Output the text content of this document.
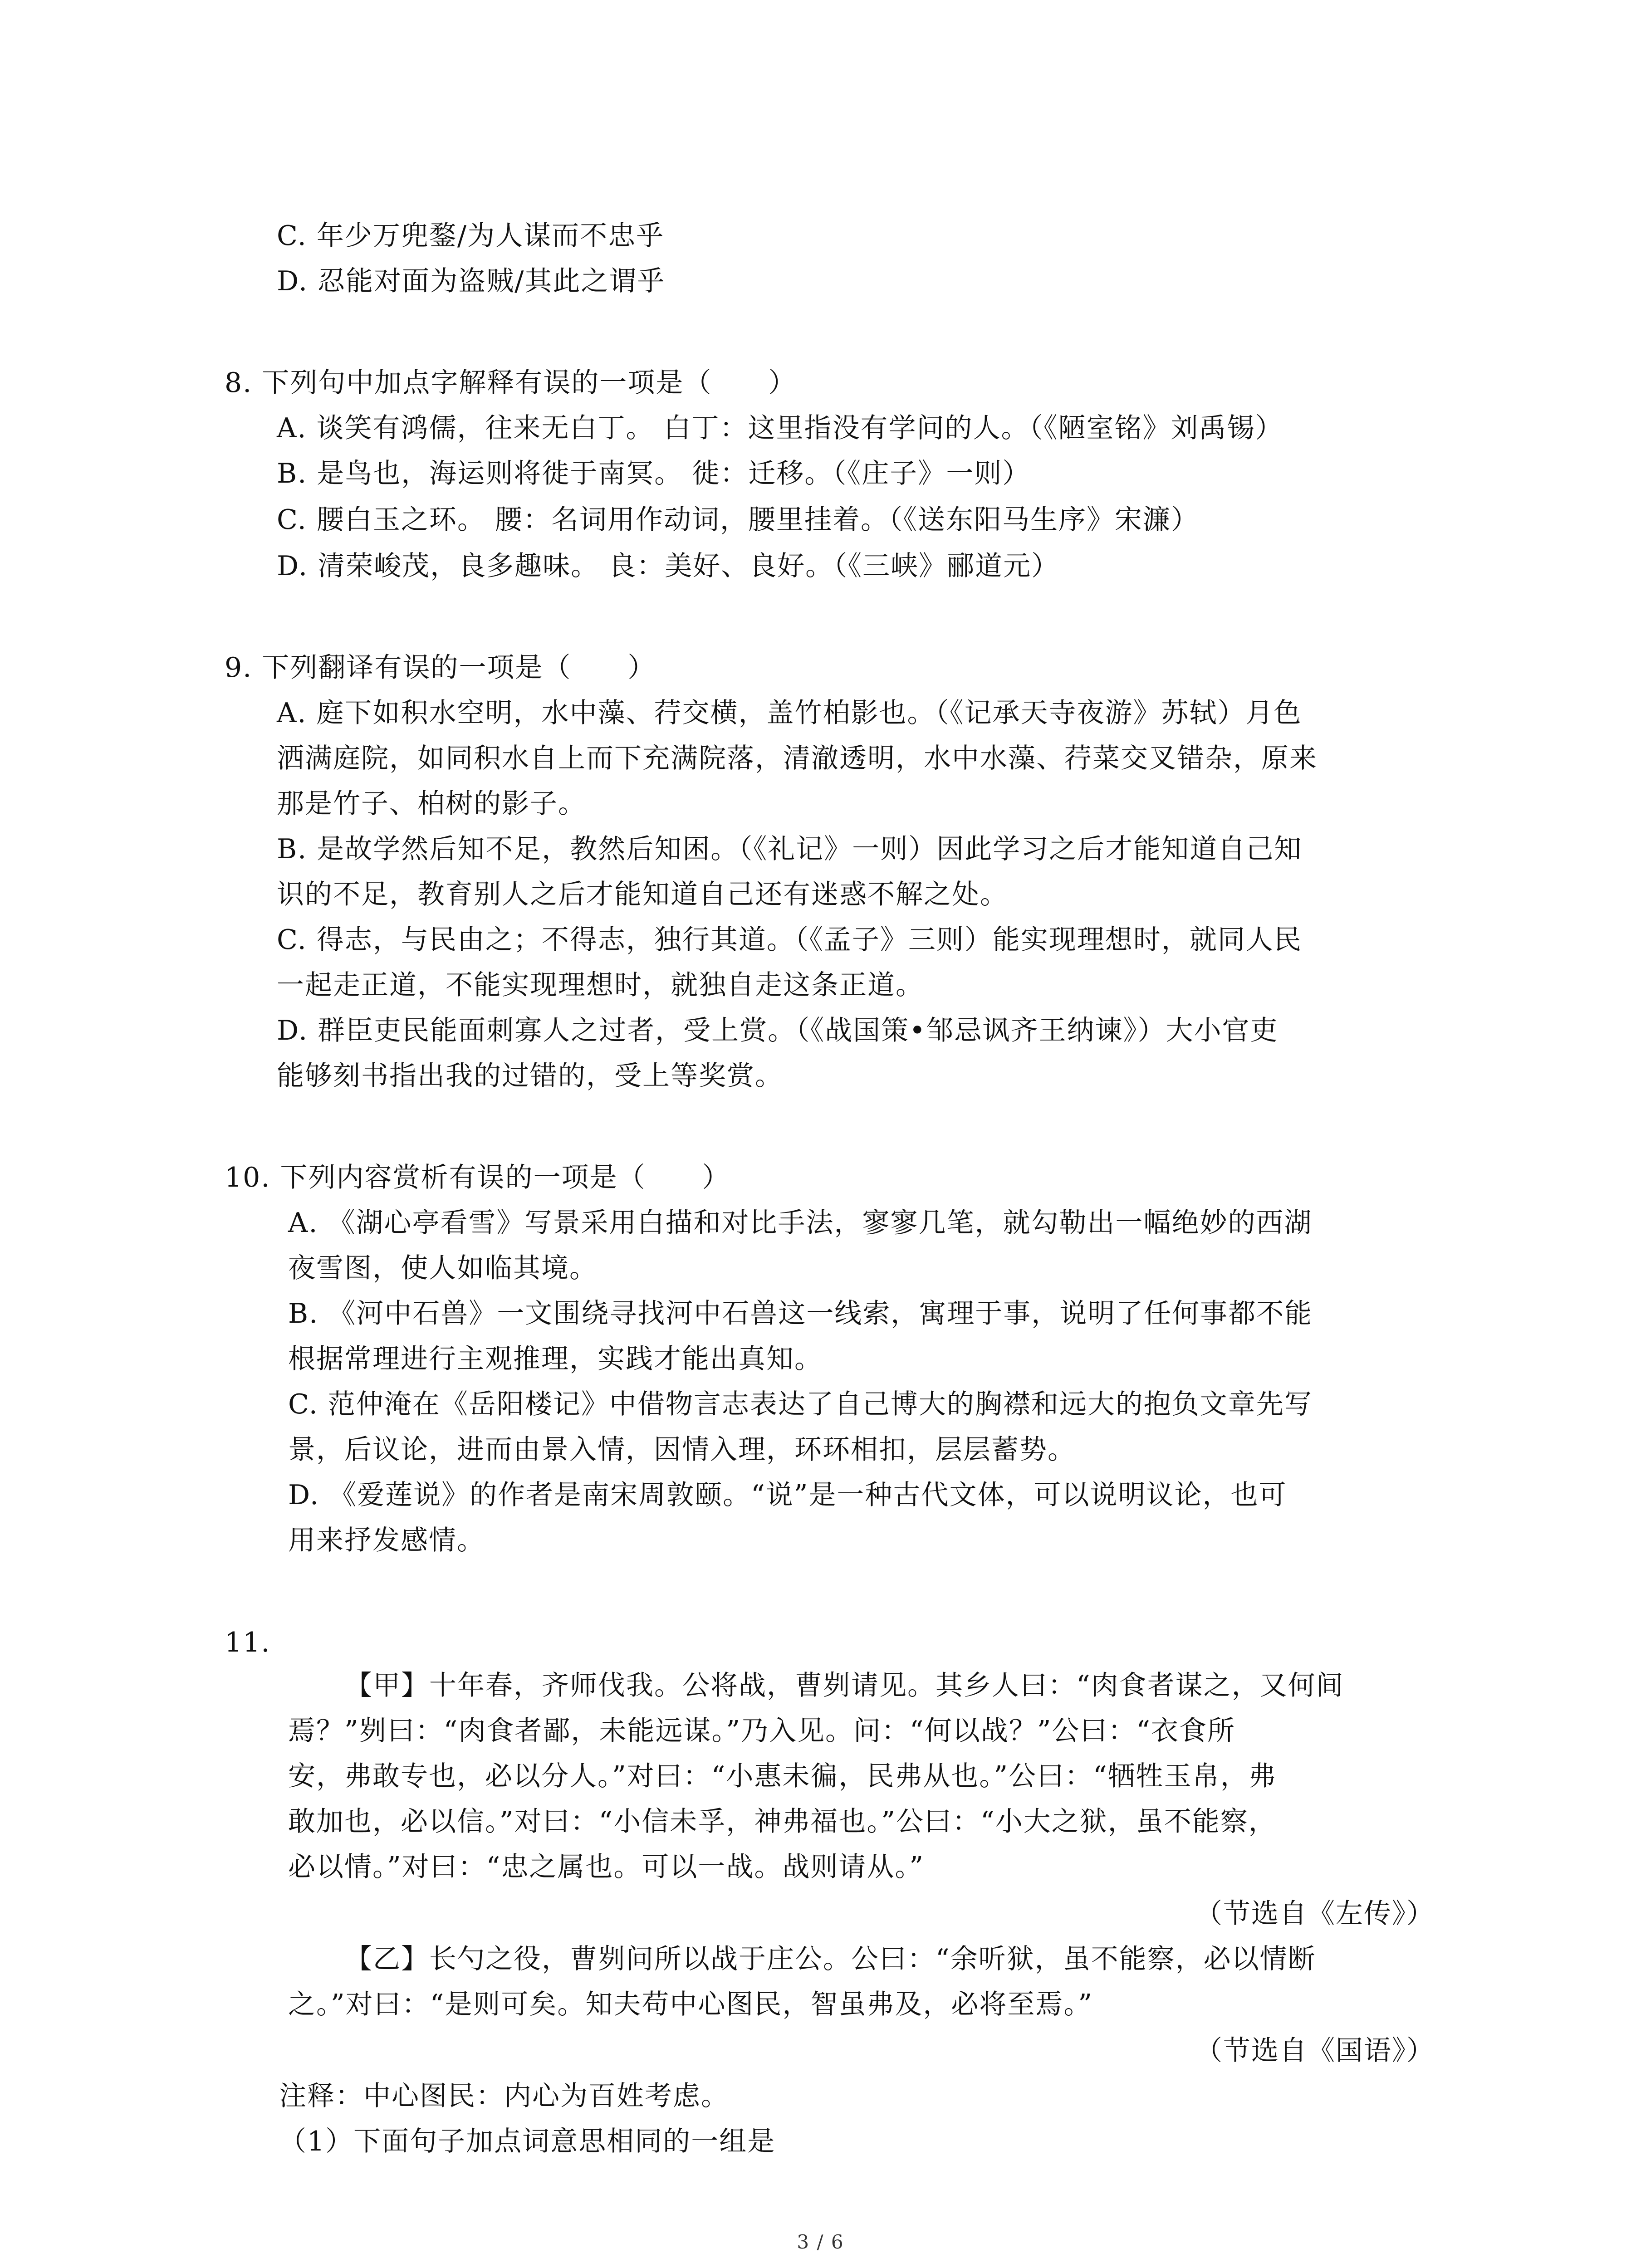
C. 年少万兜鍪/为人谋而不忠乎
D. 忍能对面为盗贼/其此之谓乎
8. 下列句中加点字解释有误的一项是（　　）
A. 谈笑有鸿儒，往来无白丁。 白丁：这里指没有学问的人。（《陋室铭》刘禹锡）
B. 是鸟也，海运则将徙于南冥。 徙：迁移。（《庄子》一则）
C. 腰白玉之环。 腰：名词用作动词，腰里挂着。（《送东阳马生序》宋濂）
D. 清荣峻茂，良多趣味。 良：美好、良好。（《三峡》郦道元）
9. 下列翻译有误的一项是（　　）
A. 庭下如积水空明，水中藻、荇交横，盖竹柏影也。（《记承天寺夜游》苏轼）月色
洒满庭院，如同积水自上而下充满院落，清澈透明，水中水藻、荇菜交叉错杂，原来
那是竹子、柏树的影子。
B. 是故学然后知不足，教然后知困。（《礼记》一则）因此学习之后才能知道自己知
识的不足，教育别人之后才能知道自己还有迷惑不解之处。
C. 得志，与民由之；不得志，独行其道。（《孟子》三则）能实现理想时，就同人民
一起走正道，不能实现理想时，就独自走这条正道。
D. 群臣吏民能面刺寡人之过者，受上赏。（《战国策•邹忌讽齐王纳谏》）大小官吏
能够刻书指出我的过错的，受上等奖赏。
10. 下列内容赏析有误的一项是（　　）
A. 《湖心亭看雪》写景采用白描和对比手法，寥寥几笔，就勾勒出一幅绝妙的西湖
夜雪图，使人如临其境。
B. 《河中石兽》一文围绕寻找河中石兽这一线索，寓理于事，说明了任何事都不能
根据常理进行主观推理，实践才能出真知。
C. 范仲淹在《岳阳楼记》中借物言志表达了自己博大的胸襟和远大的抱负文章先写
景，后议论，进而由景入情，因情入理，环环相扣，层层蓄势。
D. 《爱莲说》的作者是南宋周敦颐。“说”是一种古代文体，可以说明议论，也可
用来抒发感情。
11.
【甲】十年春，齐师伐我。公将战，曹刿请见。其乡人曰：“肉食者谋之，又何间
焉？”刿曰：“肉食者鄙，未能远谋。”乃入见。问：“何以战？”公曰：“衣食所
安，弗敢专也，必以分人。”对曰：“小惠未徧，民弗从也。”公曰：“牺牲玉帛，弗
敢加也，必以信。”对曰：“小信未孚，神弗福也。”公曰：“小大之狱，虽不能察，
必以情。”对曰：“忠之属也。可以一战。战则请从。”
（节选自《左传》）
【乙】长勺之役，曹刿问所以战于庄公。公曰：“余听狱，虽不能察，必以情断
之。”对曰：“是则可矣。知夫苟中心图民，智虽弗及，必将至焉。”
（节选自《国语》）
注释：中心图民：内心为百姓考虑。
（1）下面句子加点词意思相同的一组是
3 / 6
